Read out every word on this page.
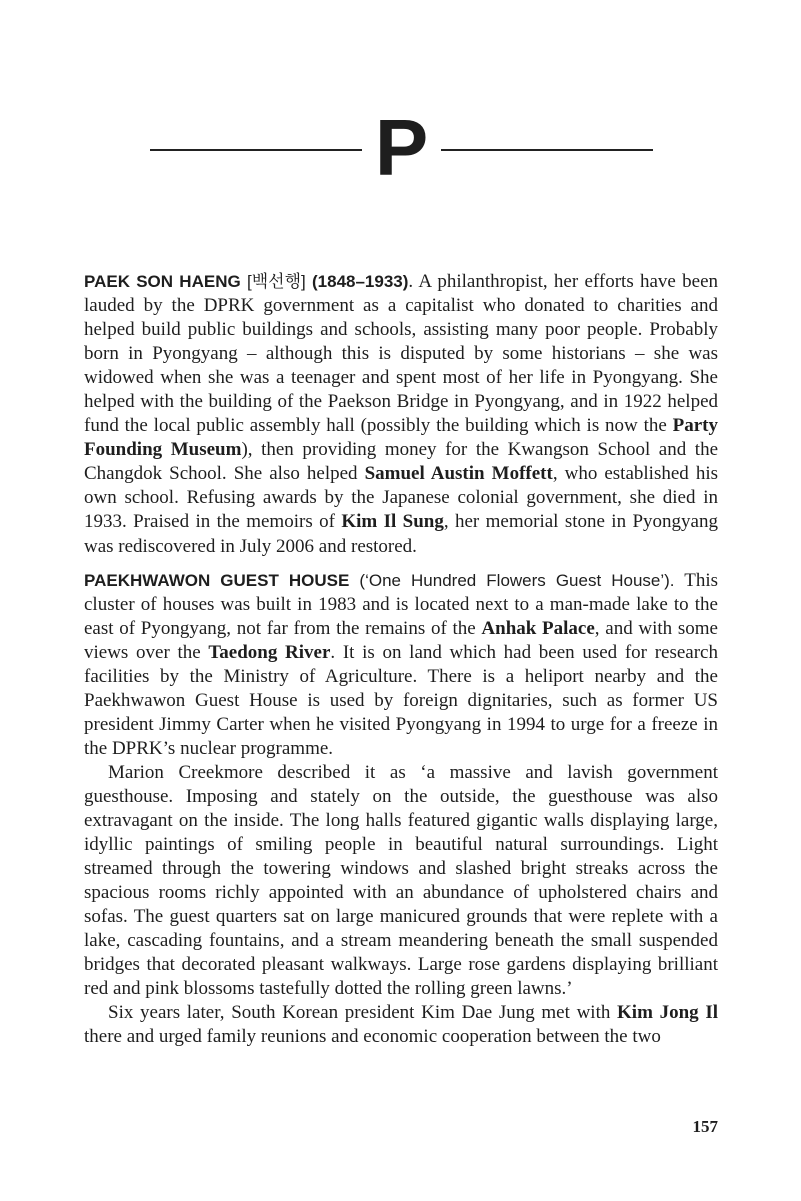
P

PAEK SON HAENG [백선행] (1848–1933). A philanthropist, her efforts have been lauded by the DPRK government as a capitalist who donated to charities and helped build public buildings and schools, assisting many poor people. Probably born in Pyongyang – although this is disputed by some historians – she was widowed when she was a teenager and spent most of her life in Pyongyang. She helped with the building of the Paekson Bridge in Pyongyang, and in 1922 helped fund the local public assembly hall (possibly the building which is now the Party Founding Museum), then providing money for the Kwangson School and the Changdok School. She also helped Samuel Austin Moffett, who established his own school. Refusing awards by the Japanese colonial government, she died in 1933. Praised in the memoirs of Kim Il Sung, her memorial stone in Pyongyang was rediscovered in July 2006 and restored.

PAEKHWAWON GUEST HOUSE (‘One Hundred Flowers Guest House’). This cluster of houses was built in 1983 and is located next to a man-made lake to the east of Pyongyang, not far from the remains of the Anhak Palace, and with some views over the Taedong River. It is on land which had been used for research facilities by the Ministry of Agriculture. There is a heliport nearby and the Paekhwawon Guest House is used by foreign dignitaries, such as former US president Jimmy Carter when he visited Pyongyang in 1994 to urge for a freeze in the DPRK’s nuclear programme.

Marion Creekmore described it as ‘a massive and lavish government guesthouse. Imposing and stately on the outside, the guesthouse was also extravagant on the inside. The long halls featured gigantic walls displaying large, idyllic paintings of smiling people in beautiful natural surroundings. Light streamed through the towering windows and slashed bright streaks across the spacious rooms richly appointed with an abundance of upholstered chairs and sofas. The guest quarters sat on large manicured grounds that were replete with a lake, cascading fountains, and a stream meandering beneath the small suspended bridges that decorated pleasant walkways. Large rose gardens displaying brilliant red and pink blossoms tastefully dotted the rolling green lawns.’

Six years later, South Korean president Kim Dae Jung met with Kim Jong Il there and urged family reunions and economic cooperation between the two

157
